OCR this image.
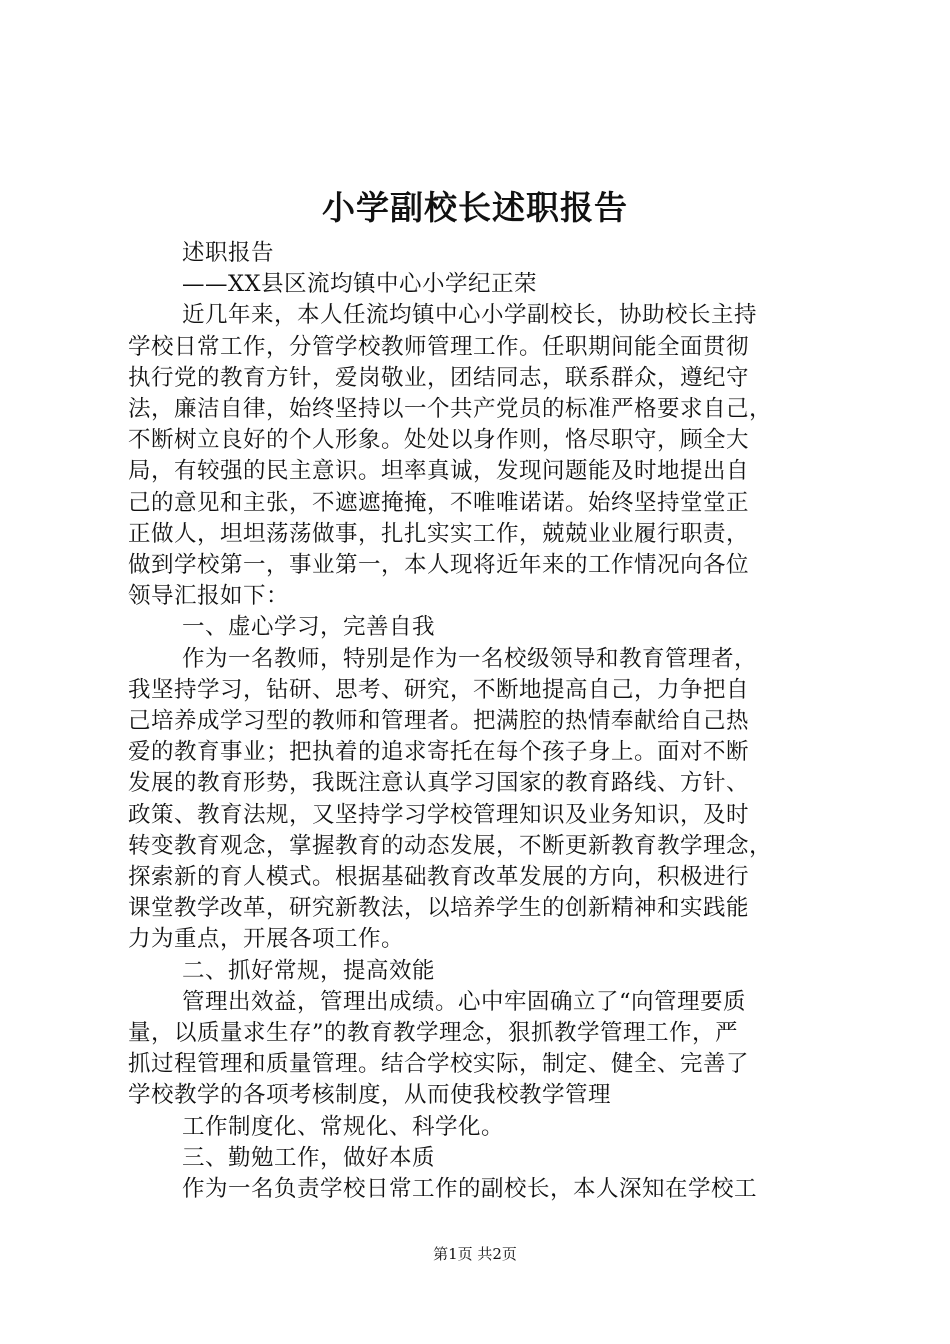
小学副校长述职报告
述职报告
——XX县区流均镇中心小学纪正荣
近几年来，本人任流均镇中心小学副校长，协助校长主持
学校日常工作，分管学校教师管理工作。任职期间能全面贯彻
执行党的教育方针，爱岗敬业，团结同志，联系群众，遵纪守
法，廉洁自律，始终坚持以一个共产党员的标准严格要求自己，
不断树立良好的个人形象。处处以身作则，恪尽职守，顾全大
局，有较强的民主意识。坦率真诚，发现问题能及时地提出自
己的意见和主张，不遮遮掩掩，不唯唯诺诺。始终坚持堂堂正
正做人，坦坦荡荡做事，扎扎实实工作，兢兢业业履行职责，
做到学校第一，事业第一，本人现将近年来的工作情况向各位
领导汇报如下：
一、虚心学习，完善自我
作为一名教师，特别是作为一名校级领导和教育管理者，
我坚持学习，钻研、思考、研究，不断地提高自己，力争把自
己培养成学习型的教师和管理者。把满腔的热情奉献给自己热
爱的教育事业；把执着的追求寄托在每个孩子身上。面对不断
发展的教育形势，我既注意认真学习国家的教育路线、方针、
政策、教育法规，又坚持学习学校管理知识及业务知识，及时
转变教育观念，掌握教育的动态发展，不断更新教育教学理念，
探索新的育人模式。根据基础教育改革发展的方向，积极进行
课堂教学改革，研究新教法，以培养学生的创新精神和实践能
力为重点，开展各项工作。
二、抓好常规，提高效能
管理出效益，管理出成绩。心中牢固确立了“向管理要质
量，以质量求生存”的教育教学理念，狠抓教学管理工作，严
抓过程管理和质量管理。结合学校实际，制定、健全、完善了
学校教学的各项考核制度，从而使我校教学管理
工作制度化、常规化、科学化。
三、勤勉工作，做好本质
作为一名负责学校日常工作的副校长，本人深知在学校工
第1页 共2页
